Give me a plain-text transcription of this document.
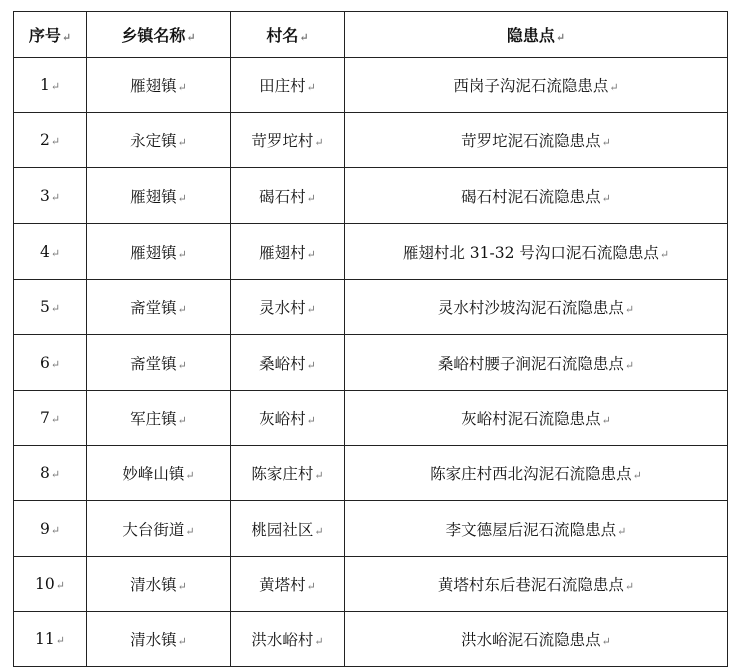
序号 ↵	乡镇名称 ↵	村名 ↵	隐患点 ↵
1 ↵	雁翅镇 ↵	田庄村 ↵	西岗子沟泥石流隐患点 ↵
2 ↵	永定镇 ↵	苛罗坨村 ↵	苛罗坨泥石流隐患点 ↵
3 ↵	雁翅镇 ↵	碣石村 ↵	碣石村泥石流隐患点 ↵
4 ↵	雁翅镇 ↵	雁翅村 ↵	雁翅村北 31-32 号沟口泥石流隐患点 ↵
5 ↵	斋堂镇 ↵	灵水村 ↵	灵水村沙坡沟泥石流隐患点 ↵
6 ↵	斋堂镇 ↵	桑峪村 ↵	桑峪村腰子涧泥石流隐患点 ↵
7 ↵	军庄镇 ↵	灰峪村 ↵	灰峪村泥石流隐患点 ↵
8 ↵	妙峰山镇 ↵	陈家庄村 ↵	陈家庄村西北沟泥石流隐患点 ↵
9 ↵	大台街道 ↵	桃园社区 ↵	李文德屋后泥石流隐患点 ↵
10 ↵	清水镇 ↵	黄塔村 ↵	黄塔村东后巷泥石流隐患点 ↵
11 ↵	清水镇 ↵	洪水峪村 ↵	洪水峪泥石流隐患点 ↵
